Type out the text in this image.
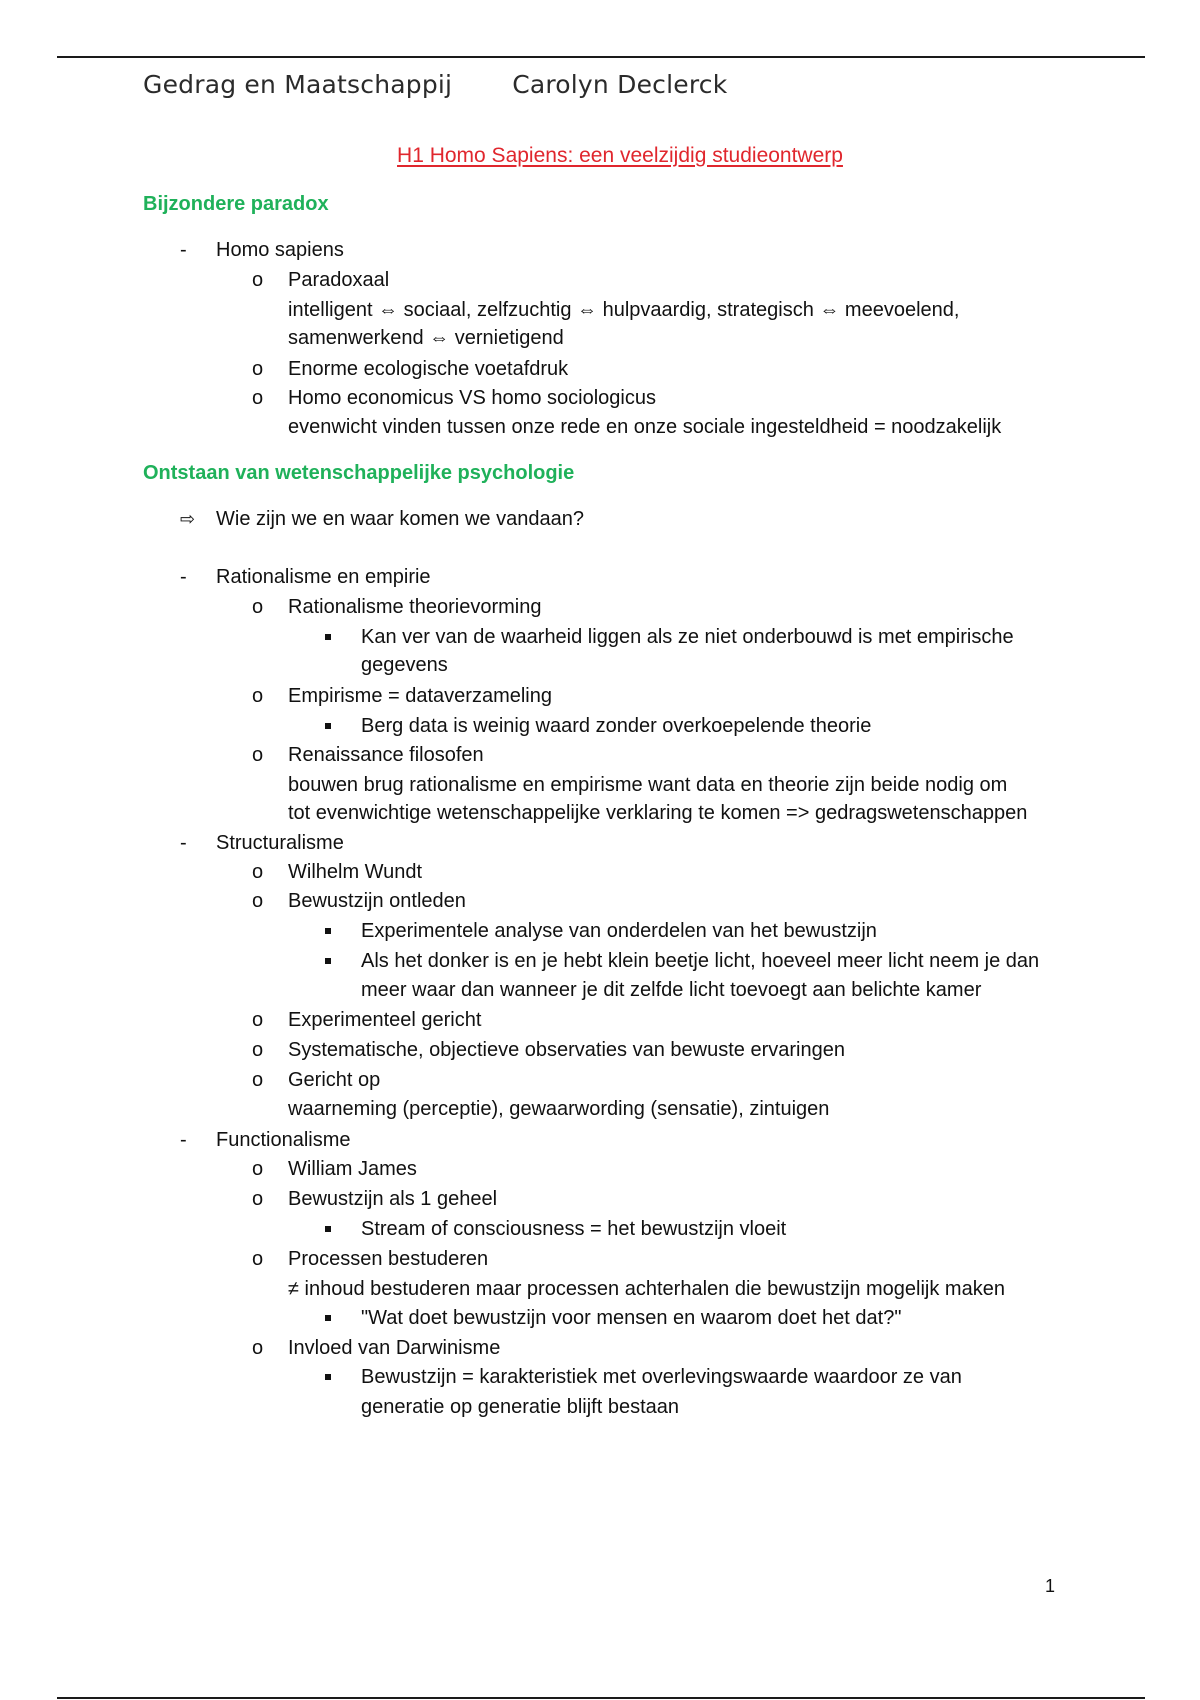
Gedrag en Maatschappij Carolyn Declerck
H1 Homo Sapiens: een veelzijdig studieontwerp
Bijzondere paradox
- Homo sapiens
o Paradoxaal
intelligent ⇔ sociaal, zelfzuchtig ⇔ hulpvaardig, strategisch ⇔ meevoelend,
samenwerkend ⇔ vernietigend
o Enorme ecologische voetafdruk
o Homo economicus VS homo sociologicus
evenwicht vinden tussen onze rede en onze sociale ingesteldheid = noodzakelijk
Ontstaan van wetenschappelijke psychologie
⇨ Wie zijn we en waar komen we vandaan?
- Rationalisme en empirie
o Rationalisme theorievorming
Kan ver van de waarheid liggen als ze niet onderbouwd is met empirische
gegevens
o Empirisme = dataverzameling
Berg data is weinig waard zonder overkoepelende theorie
o Renaissance filosofen
bouwen brug rationalisme en empirisme want data en theorie zijn beide nodig om
tot evenwichtige wetenschappelijke verklaring te komen => gedragswetenschappen
- Structuralisme
o Wilhelm Wundt
o Bewustzijn ontleden
Experimentele analyse van onderdelen van het bewustzijn
Als het donker is en je hebt klein beetje licht, hoeveel meer licht neem je dan
meer waar dan wanneer je dit zelfde licht toevoegt aan belichte kamer
o Experimenteel gericht
o Systematische, objectieve observaties van bewuste ervaringen
o Gericht op
waarneming (perceptie), gewaarwording (sensatie), zintuigen
- Functionalisme
o William James
o Bewustzijn als 1 geheel
Stream of consciousness = het bewustzijn vloeit
o Processen bestuderen
≠ inhoud bestuderen maar processen achterhalen die bewustzijn mogelijk maken
"Wat doet bewustzijn voor mensen en waarom doet het dat?"
o Invloed van Darwinisme
Bewustzijn = karakteristiek met overlevingswaarde waardoor ze van
generatie op generatie blijft bestaan
1
